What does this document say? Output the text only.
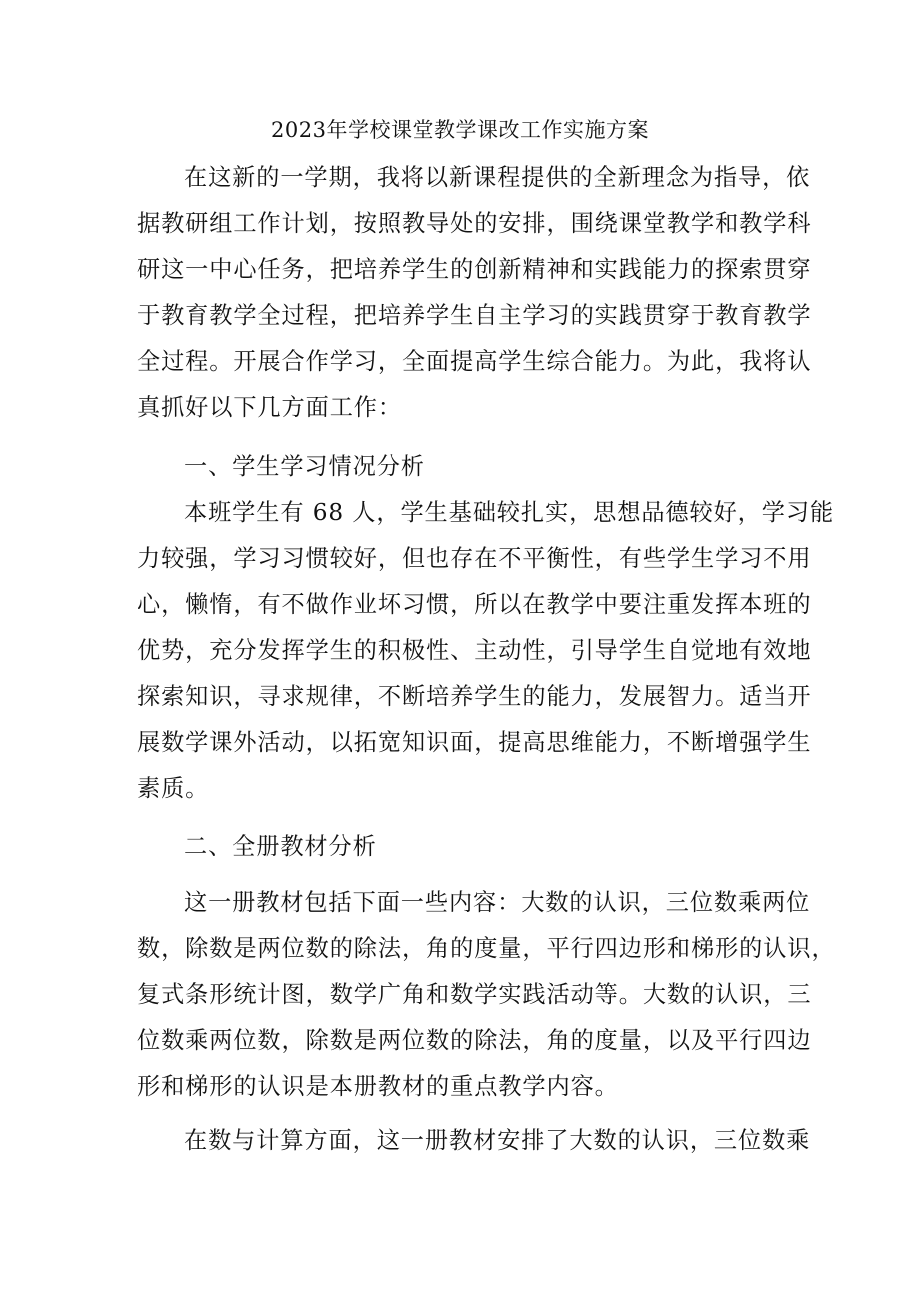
2023年学校课堂教学课改工作实施方案
在这新的一学期，我将以新课程提供的全新理念为指导，依
据教研组工作计划，按照教导处的安排，围绕课堂教学和教学科
研这一中心任务，把培养学生的创新精神和实践能力的探索贯穿
于教育教学全过程，把培养学生自主学习的实践贯穿于教育教学
全过程。开展合作学习，全面提高学生综合能力。为此，我将认
真抓好以下几方面工作：
一、学生学习情况分析
本班学生有 68 人，学生基础较扎实，思想品德较好，学习能
力较强，学习习惯较好，但也存在不平衡性，有些学生学习不用
心，懒惰，有不做作业坏习惯，所以在教学中要注重发挥本班的
优势，充分发挥学生的积极性、主动性，引导学生自觉地有效地
探索知识，寻求规律，不断培养学生的能力，发展智力。适当开
展数学课外活动，以拓宽知识面，提高思维能力，不断增强学生
素质。
二、全册教材分析
这一册教材包括下面一些内容：大数的认识，三位数乘两位
数，除数是两位数的除法，角的度量，平行四边形和梯形的认识，
复式条形统计图，数学广角和数学实践活动等。大数的认识，三
位数乘两位数，除数是两位数的除法，角的度量，以及平行四边
形和梯形的认识是本册教材的重点教学内容。
在数与计算方面，这一册教材安排了大数的认识，三位数乘
